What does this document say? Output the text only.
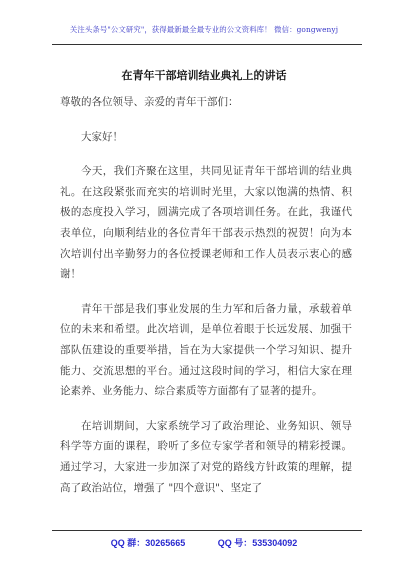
关注头条号"公文研究"，获得最新最全最专业的公文资料库！ 微信：gongwenyj
在青年干部培训结业典礼上的讲话

尊敬的各位领导、亲爱的青年干部们：

大家好！

今天，我们齐聚在这里，共同见证青年干部培训的结业典礼。在这段紧张而充实的培训时光里，大家以饱满的热情、积极的态度投入学习，圆满完成了各项培训任务。在此，我谨代表单位，向顺利结业的各位青年干部表示热烈的祝贺！向为本次培训付出辛勤努力的各位授课老师和工作人员表示衷心的感谢！

青年干部是我们事业发展的生力军和后备力量，承载着单位的未来和希望。此次培训，是单位着眼于长远发展、加强干部队伍建设的重要举措，旨在为大家提供一个学习知识、提升能力、交流思想的平台。通过这段时间的学习，相信大家在理论素养、业务能力、综合素质等方面都有了显著的提升。

在培训期间，大家系统学习了政治理论、业务知识、领导科学等方面的课程，聆听了多位专家学者和领导的精彩授课。通过学习，大家进一步加深了对党的路线方针政策的理解，提高了政治站位，增强了 "四个意识"、坚定了

QQ 群：30265665	QQ 号：535304092
